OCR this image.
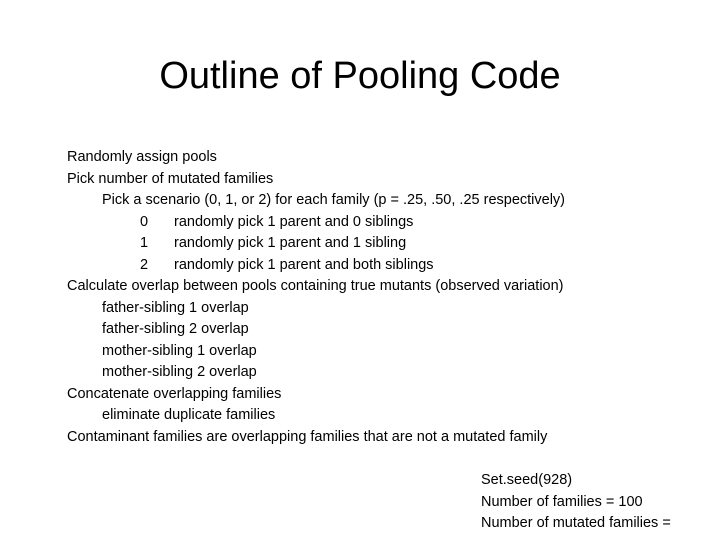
Outline of Pooling Code
Randomly assign pools
Pick number of mutated families
Pick a scenario (0, 1, or 2) for each family (p = .25, .50, .25 respectively)
0 randomly pick 1 parent and 0 siblings
1 randomly pick 1 parent and 1 sibling
2 randomly pick 1 parent and both siblings
Calculate overlap between pools containing true mutants (observed variation)
father-sibling 1 overlap
father-sibling 2 overlap
mother-sibling 1 overlap
mother-sibling 2 overlap
Concatenate overlapping families
eliminate duplicate families
Contaminant families are overlapping families that are not a mutated family
Set.seed(928)
Number of families = 100
Number of mutated families =
